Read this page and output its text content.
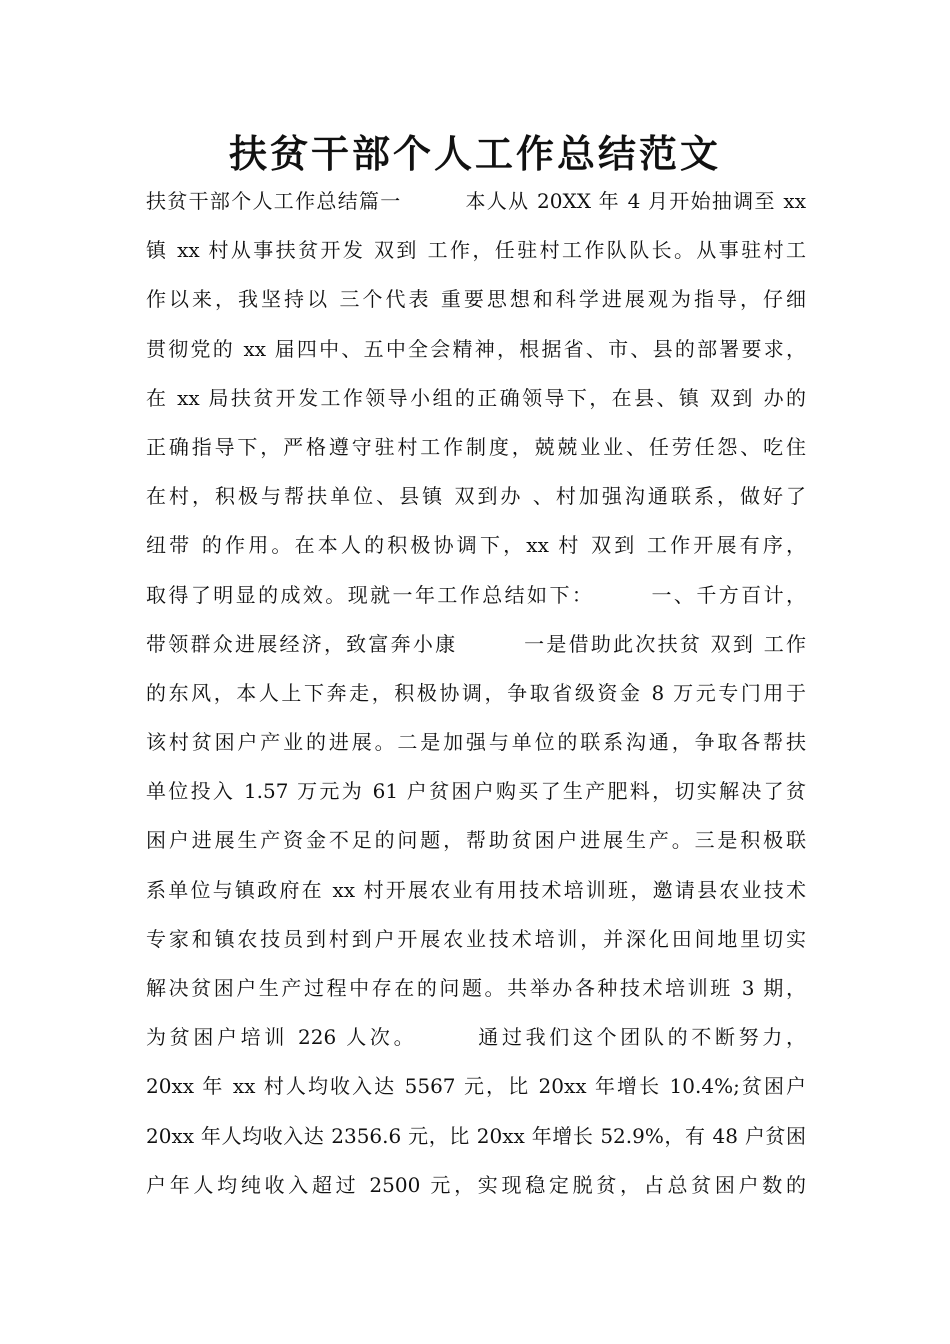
扶贫干部个人工作总结范文
扶贫干部个人工作总结篇一　　　本人从 20XX 年 4 月开始抽调至 xx
镇 xx 村从事扶贫开发 双到 工作，任驻村工作队队长。从事驻村工
作以来，我坚持以 三个代表 重要思想和科学进展观为指导，仔细
贯彻党的 xx 届四中、五中全会精神，根据省、市、县的部署要求，
在 xx 局扶贫开发工作领导小组的正确领导下，在县、镇 双到 办的
正确指导下，严格遵守驻村工作制度，兢兢业业、任劳任怨、吃住
在村，积极与帮扶单位、县镇 双到办 、村加强沟通联系，做好了
纽带 的作用。在本人的积极协调下，xx 村 双到 工作开展有序，
取得了明显的成效。现就一年工作总结如下：　　　一、千方百计，
带领群众进展经济，致富奔小康　　　一是借助此次扶贫 双到 工作
的东风，本人上下奔走，积极协调，争取省级资金 8 万元专门用于
该村贫困户产业的进展。二是加强与单位的联系沟通，争取各帮扶
单位投入 1.57 万元为 61 户贫困户购买了生产肥料，切实解决了贫
困户进展生产资金不足的问题，帮助贫困户进展生产。三是积极联
系单位与镇政府在 xx 村开展农业有用技术培训班，邀请县农业技术
专家和镇农技员到村到户开展农业技术培训，并深化田间地里切实
解决贫困户生产过程中存在的问题。共举办各种技术培训班 3 期，
为贫困户培训 226 人次。　　　通过我们这个团队的不断努力，
20xx 年 xx 村人均收入达 5567 元，比 20xx 年增长 10.4%;贫困户
20xx 年人均收入达 2356.6 元，比 20xx 年增长 52.9%，有 48 户贫困
户年人均纯收入超过 2500 元，实现稳定脱贫，占总贫困户数的
